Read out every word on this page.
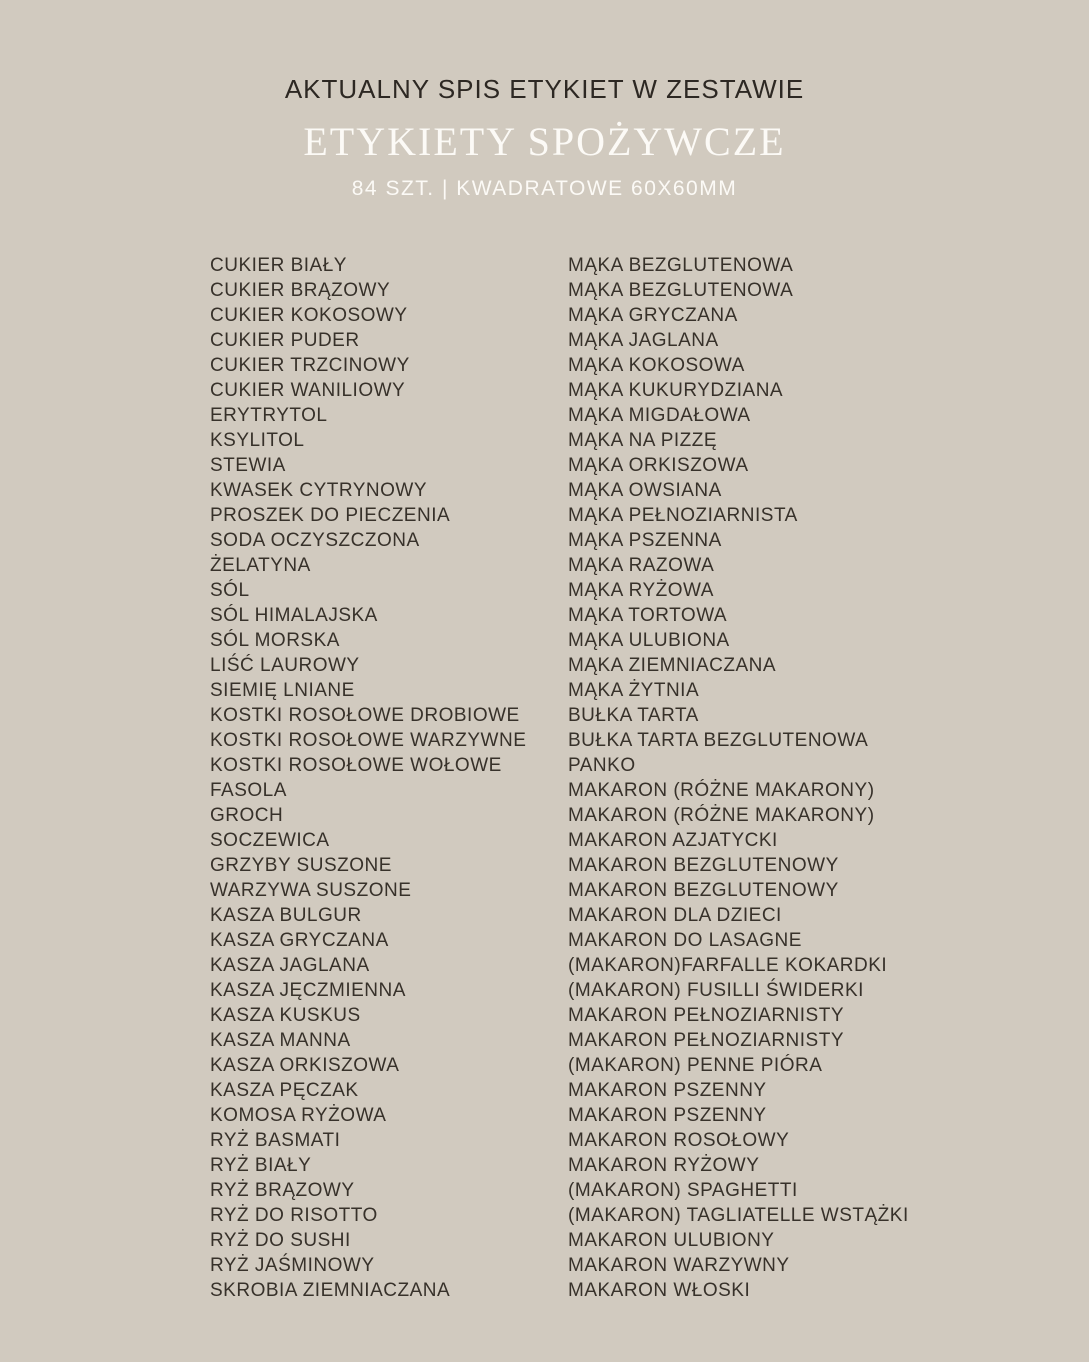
AKTUALNY SPIS ETYKIET W ZESTAWIE
ETYKIETY SPOŻYWCZE
84 SZT. | KWADRATOWE 60X60MM
CUKIER BIAŁY
CUKIER BRĄZOWY
CUKIER KOKOSOWY
CUKIER PUDER
CUKIER TRZCINOWY
CUKIER WANILIOWY
ERYTRYTOL
KSYLITOL
STEWIA
KWASEK CYTRYNOWY
PROSZEK DO PIECZENIA
SODA OCZYSZCZONA
ŻELATYNA
SÓL
SÓL HIMALAJSKA
SÓL MORSKA
LIŚĆ LAUROWY
SIEMIĘ LNIANE
KOSTKI ROSOŁOWE DROBIOWE
KOSTKI ROSOŁOWE WARZYWNE
KOSTKI ROSOŁOWE WOŁOWE
FASOLA
GROCH
SOCZEWICA
GRZYBY SUSZONE
WARZYWA SUSZONE
KASZA BULGUR
KASZA GRYCZANA
KASZA JAGLANA
KASZA JĘCZMIENNA
KASZA KUSKUS
KASZA MANNA
KASZA ORKISZOWA
KASZA PĘCZAK
KOMOSA RYŻOWA
RYŻ BASMATI
RYŻ BIAŁY
RYŻ BRĄZOWY
RYŻ DO RISOTTO
RYŻ DO SUSHI
RYŻ JAŚMINOWY
SKROBIA ZIEMNIACZANA
MĄKA BEZGLUTENOWA
MĄKA BEZGLUTENOWA
MĄKA GRYCZANA
MĄKA JAGLANA
MĄKA KOKOSOWA
MĄKA KUKURYDZIANA
MĄKA MIGDAŁOWA
MĄKA NA PIZZĘ
MĄKA ORKISZOWA
MĄKA OWSIANA
MĄKA PEŁNOZIARNISTA
MĄKA PSZENNA
MĄKA RAZOWA
MĄKA RYŻOWA
MĄKA TORTOWA
MĄKA ULUBIONA
MĄKA ZIEMNIACZANA
MĄKA ŻYTNIA
BUŁKA TARTA
BUŁKA TARTA BEZGLUTENOWA
PANKO
MAKARON (RÓŻNE MAKARONY)
MAKARON (RÓŻNE MAKARONY)
MAKARON AZJATYCKI
MAKARON BEZGLUTENOWY
MAKARON BEZGLUTENOWY
MAKARON DLA DZIECI
MAKARON DO LASAGNE
(MAKARON)FARFALLE KOKARDKI
(MAKARON) FUSILLI ŚWIDERKI
MAKARON PEŁNOZIARNISTY
MAKARON PEŁNOZIARNISTY
(MAKARON) PENNE PIÓRA
MAKARON PSZENNY
MAKARON PSZENNY
MAKARON ROSOŁOWY
MAKARON RYŻOWY
(MAKARON) SPAGHETTI
(MAKARON) TAGLIATELLE WSTĄŻKI
MAKARON ULUBIONY
MAKARON WARZYWNY
MAKARON WŁOSKI
